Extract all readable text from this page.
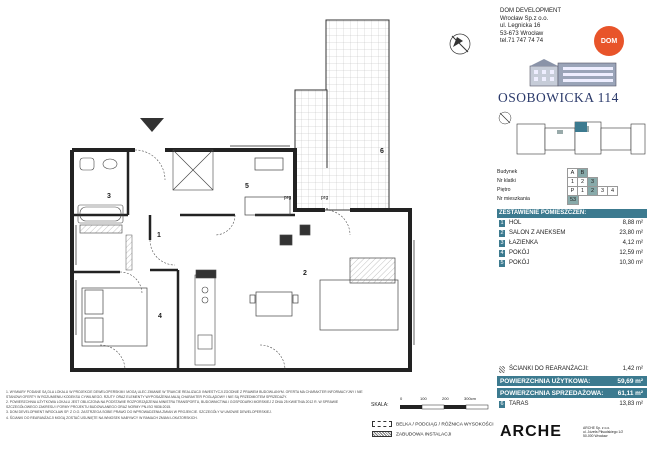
1
2
3
4
5
6
prg	prg
DOM DEVELOPMENT
Wrocław Sp.z o.o.
ul. Legnicka 16
53-673 Wrocław
tel.71 747 74 74	DOM
OSOBOWICKA 114
Budynek	A	B
Nr klatki	1	2	3
Piętro	P	1	2	3	4
Nr mieszkania	53
ZESTAWIENIE POMIESZCZEŃ:
1 HOL	8,88 m²
2 SALON Z ANEKSEM	23,80 m²
3 ŁAZIENKA	4,12 m²
4 POKÓJ	12,59 m²
5 POKÓJ	10,30 m²
ŚCIANKI DO REARANŻACJI:	1,42 m²
POWIERZCHNIA UŻYTKOWA:	59,69 m²
POWIERZCHNIA SPRZEDAŻOWA: 61,11 m²
6 TARAS	13,83 m²

1. WYMIARY PODANE SĄ DLA LOKALU W PROJEKCIE DEWELOPERSKIM I MOGĄ ULEC ZMIANIE W TRAKCIE REALIZACJI INWESTYCJI ZGODNIE Z PRAWEM BUDOWLANYM. OFERTA MA CHARAKTER INFORMACYJNY I NIE STANOWI OFERTY W ROZUMIENIU KODEKSU CYWILNEGO. RZUTY ORAZ ELEMENTY WYPOSAŻENIA MAJĄ CHARAKTER POGLĄDOWY I NIE SĄ PRZEDMIOTEM SPRZEDAŻY.

2. POWIERZCHNIA UŻYTKOWA LOKALU JEST OBLICZONA NA PODSTAWIE ROZPORZĄDZENIA MINISTRA TRANSPORTU, BUDOWNICTWA I GOSPODARKI MORSKIEJ Z DNIA 25 KWIETNIA 2012 R. W SPRAWIE SZCZEGÓŁOWEGO ZAKRESU I FORMY PROJEKTU BUDOWLANEGO ORAZ NORMY PN-ISO 9836:2015.

3. DOM DEVELOPMENT WROCŁAW SP. Z O.O. ZASTRZEGA SOBIE PRAWO DO WPROWADZENIA ZMIAN W PROJEKCIE. SZCZEGÓŁY W UMOWIE DEWELOPERSKIEJ.

4. ŚCIANKI DO REARANŻACJI MOGĄ ZOSTAĆ USUNIĘTE NA WNIOSEK NABYWCY W RAMACH ZMIAN LOKATORSKICH.

SKALA:
0	100	200	300cm
BELKA / PODCIĄG / RÓŻNICA WYSOKOŚCI
ZABUDOWA INSTALACJI	ARCHE	ARCHE Sp. z o.o.
ul. Józefa Piłsudskiego 1/2
50-000 Wrocław
